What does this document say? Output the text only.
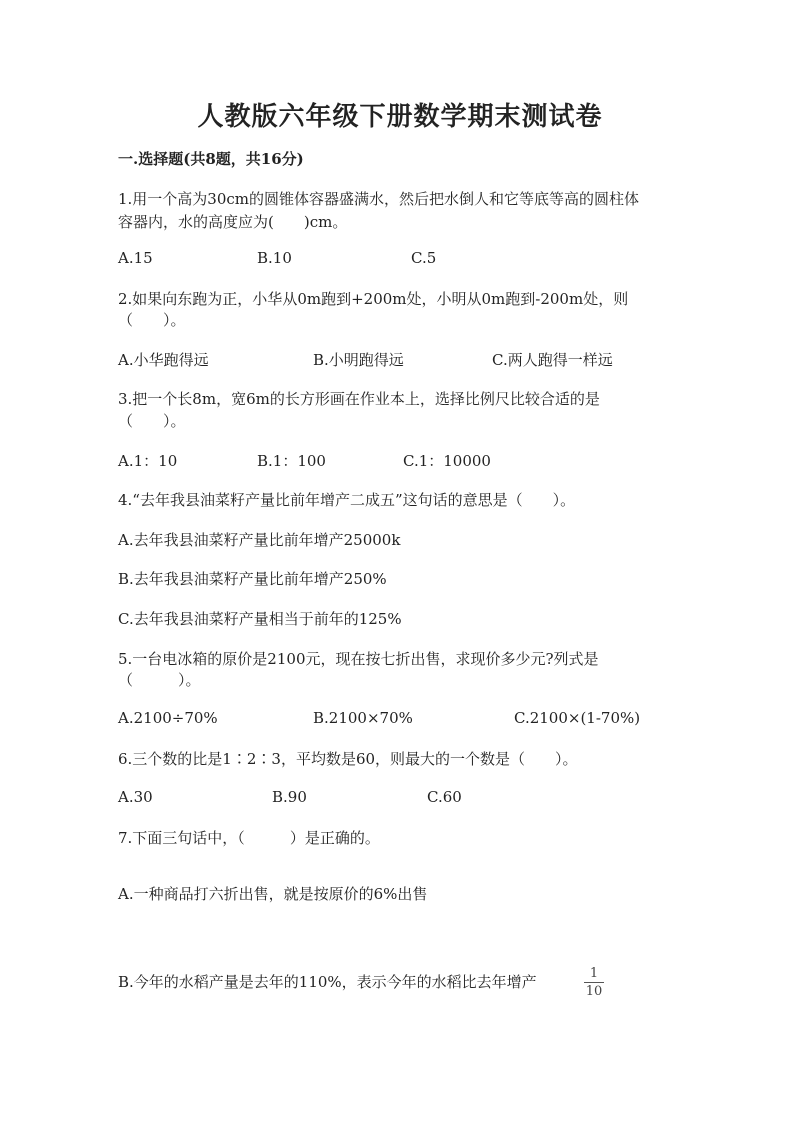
人教版六年级下册数学期末测试卷
一.选择题(共8题，共16分)
1.用一个高为30cm的圆锥体容器盛满水，然后把水倒人和它等底等高的圆柱体
容器内，水的高度应为(　　)cm。
A.15	B.10	C.5
2.如果向东跑为正，小华从0m跑到+200m处，小明从0m跑到-200m处，则
（　　）。
A.小华跑得远	B.小明跑得远	C.两人跑得一样远
3.把一个长8m，宽6m的长方形画在作业本上，选择比例尺比较合适的是
（　　）。
A.1：10	B.1：100	C.1：10000
4.“去年我县油菜籽产量比前年增产二成五”这句话的意思是（　　）。
A.去年我县油菜籽产量比前年增产25000k
B.去年我县油菜籽产量比前年增产250%
C.去年我县油菜籽产量相当于前年的125%
5.一台电冰箱的原价是2100元，现在按七折出售，求现价多少元?列式是
（　　　）。
A.2100÷70%	B.2100×70%	C.2100×(1-70%)
6.三个数的比是1∶2∶3，平均数是60，则最大的一个数是（　　）。
A.30	B.90	C.60
7.下面三句话中，（　　　）是正确的。
A.一种商品打六折出售，就是按原价的6%出售
B.今年的水稻产量是去年的110%，表示今年的水稻比去年增产	1
10
